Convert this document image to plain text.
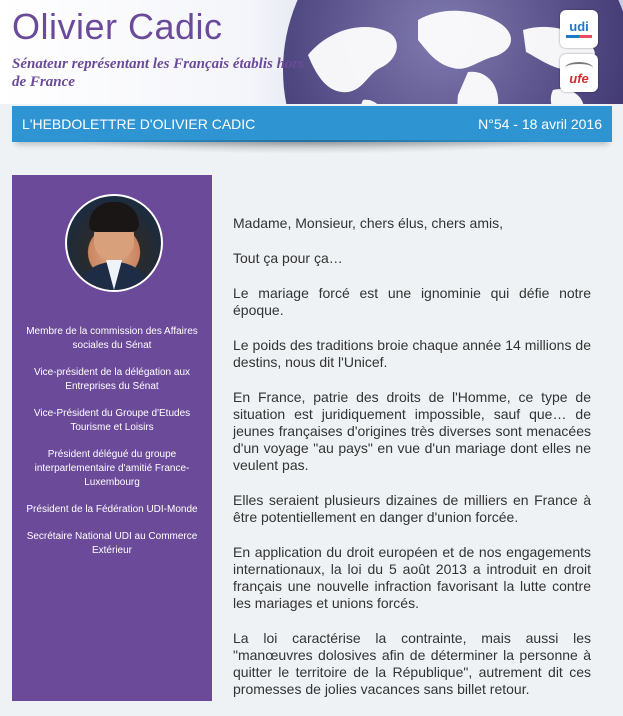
Olivier Cadic
Sénateur représentant les Français établis hors de France
udi
ufe
L'HEBDOLETTRE D'OLIVIER CADIC	N°54 - 18 avril 2016

Membre de la commission des Affaires sociales du Sénat

Vice-président de la délégation aux Entreprises du Sénat

Vice-Président du Groupe d'Etudes Tourisme et Loisirs

Président délégué du groupe interparlementaire d'amitié France-Luxembourg

Président de la Fédération UDI-Monde

Secrétaire National UDI au Commerce Extérieur

Madame, Monsieur, chers élus, chers amis,

Tout ça pour ça…

Le mariage forcé est une ignominie qui défie notre époque.

Le poids des traditions broie chaque année 14 millions de destins, nous dit l'Unicef.

En France, patrie des droits de l'Homme, ce type de situation est juridiquement impossible, sauf que… de jeunes françaises d'origines très diverses sont menacées d'un voyage "au pays" en vue d'un mariage dont elles ne veulent pas.

Elles seraient plusieurs dizaines de milliers en France à être potentiellement en danger d'union forcée.

En application du droit européen et de nos engagements internationaux, la loi du 5 août 2013 a introduit en droit français une nouvelle infraction favorisant la lutte contre les mariages et unions forcés.

La loi caractérise la contrainte, mais aussi les "manœuvres dolosives afin de déterminer la personne à quitter le territoire de la République", autrement dit ces promesses de jolies vacances sans billet retour.
